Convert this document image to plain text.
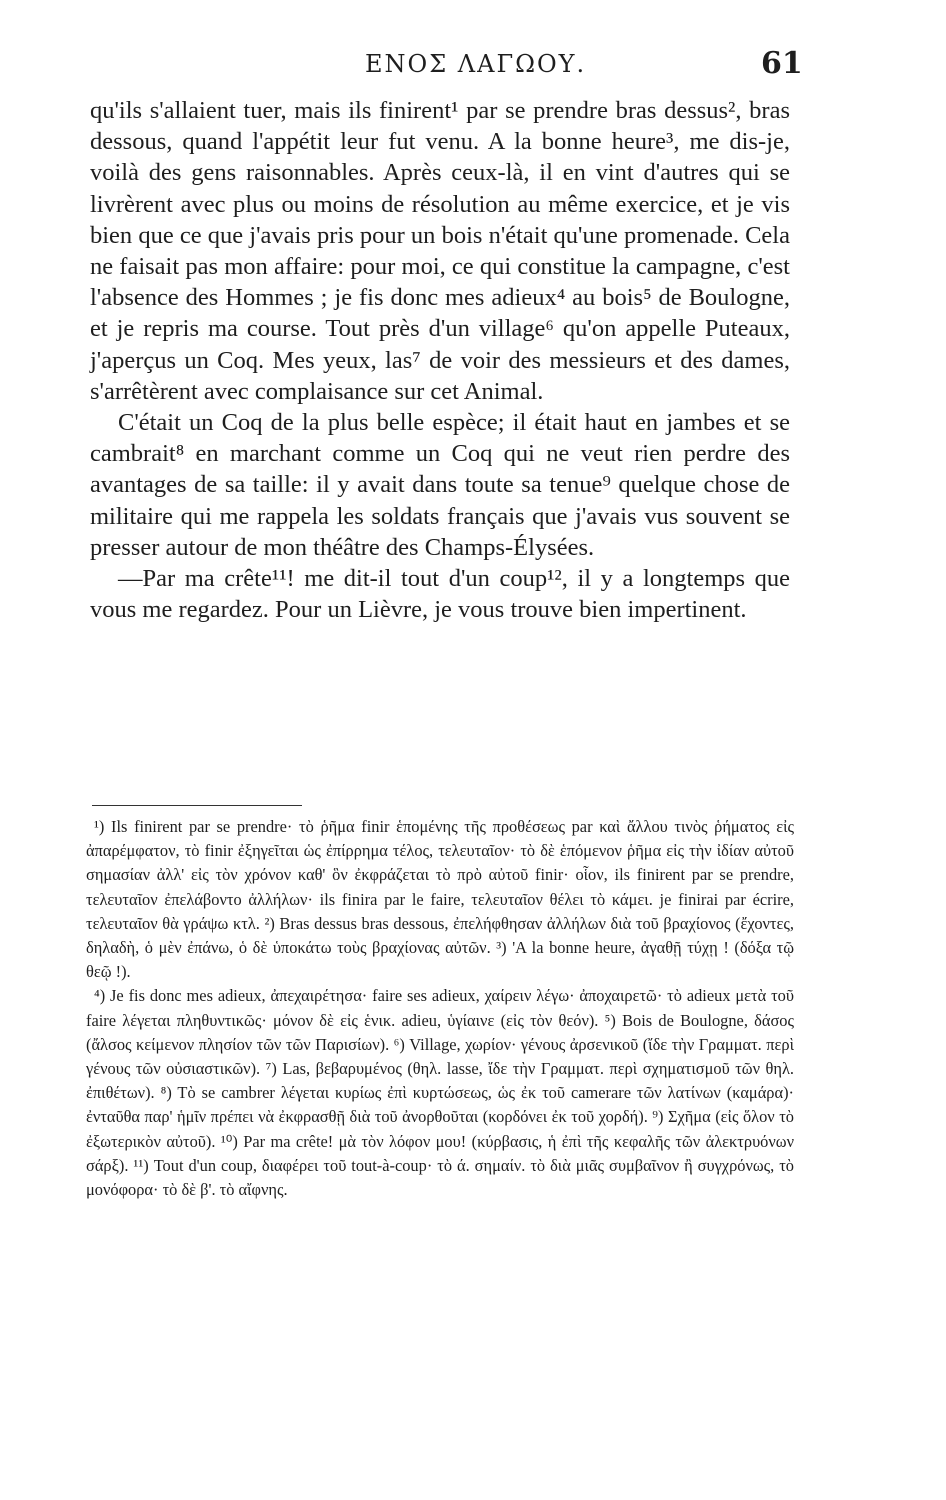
ΕΝΟΣ ΛΑΓΩΟΥ.	61

qu'ils s'allaient tuer, mais ils finirent¹ par se prendre bras dessus², bras dessous, quand l'appétit leur fut venu. A la bonne heure³, me dis-je, voilà des gens raisonnables. Après ceux-là, il en vint d'autres qui se livrèrent avec plus ou moins de résolution au même exercice, et je vis bien que ce que j'avais pris pour un bois n'était qu'une promenade. Cela ne faisait pas mon affaire: pour moi, ce qui constitue la campagne, c'est l'absence des Hommes ; je fis donc mes adieux⁴ au bois⁵ de Boulogne, et je repris ma course. Tout près d'un village⁶ qu'on appelle Puteaux, j'aperçus un Coq. Mes yeux, las⁷ de voir des messieurs et des dames, s'arrêtèrent avec complaisance sur cet Animal.

C'était un Coq de la plus belle espèce; il était haut en jambes et se cambrait⁸ en marchant comme un Coq qui ne veut rien perdre des avantages de sa taille: il y avait dans toute sa tenue⁹ quelque chose de militaire qui me rappela les soldats français que j'avais vus souvent se presser autour de mon théâtre des Champs-Élysées.

—Par ma crête¹¹! me dit-il tout d'un coup¹², il y a longtemps que vous me regardez. Pour un Lièvre, je vous trouve bien impertinent.

¹) Ils finirent par se prendre· τὸ ῥῆμα finir ἑπομένης τῆς προθέσεως par καὶ ἄλλου τινὸς ῥήματος εἰς ἀπαρέμφατον, τὸ finir ἐξηγεῖται ὡς ἐπίρρημα τέλος, τελευταῖον· τὸ δὲ ἑπόμενον ῥῆμα εἰς τὴν ἰδίαν αὐτοῦ σημασίαν ἀλλ' εἰς τὸν χρόνον καθ' ὃν ἐκφράζεται τὸ πρὸ αὐτοῦ finir· οἷον, ils finirent par se prendre, τελευταῖον ἐπελάβοντο ἀλλήλων· ils finira par le faire, τελευταῖον θέλει τὸ κάμει. je finirai par écrire, τελευταῖον θὰ γράψω κτλ. ²) Bras dessus bras dessous, ἐπελήφθησαν ἀλλήλων διὰ τοῦ βραχίονος (ἔχοντες, δηλαδὴ, ὁ μὲν ἐπάνω, ὁ δὲ ὑποκάτω τοὺς βραχίονας αὐτῶν. ³) 'A la bonne heure, ἀγαθῇ τύχῃ ! (δόξα τῷ θεῷ !).

⁴) Je fis donc mes adieux, ἀπεχαιρέτησα· faire ses adieux, χαίρειν λέγω· ἀποχαιρετῶ· τὸ adieux μετὰ τοῦ faire λέγεται πληθυντικῶς· μόνον δὲ εἰς ἑνικ. adieu, ὑγίαινε (εἰς τὸν θεόν). ⁵) Bois de Boulogne, δάσος (ἄλσος κείμενον πλησίον τῶν τῶν Παρισίων). ⁶) Village, χωρίον· γένους ἀρσενικοῦ (ἴδε τὴν Γραμματ. περὶ γένους τῶν οὐσιαστικῶν). ⁷) Las, βεβαρυμένος (θηλ. lasse, ἴδε τὴν Γραμματ. περὶ σχηματισμοῦ τῶν θηλ. ἐπιθέτων). ⁸) Τὸ se cambrer λέγεται κυρίως ἐπὶ κυρτώσεως, ὡς ἐκ τοῦ camerare τῶν λατίνων (καμάρα)· ἐνταῦθα παρ' ἡμῖν πρέπει νὰ ἐκφρασθῇ διὰ τοῦ ἀνορθοῦται (κορδόνει ἐκ τοῦ χορδή). ⁹) Σχῆμα (εἰς ὅλον τὸ ἐξωτερικὸν αὐτοῦ). ¹⁰) Par ma crête! μὰ τὸν λόφον μου! (κύρβασις, ἡ ἐπὶ τῆς κεφαλῆς τῶν ἀλεκτρυόνων σάρξ). ¹¹) Tout d'un coup, διαφέρει τοῦ tout-à-coup· τὸ ά. σημαίν. τὸ διὰ μιᾶς συμβαῖνον ἢ συγχρόνως, τὸ μονόφορα· τὸ δὲ β'. τὸ αἴφνης.
